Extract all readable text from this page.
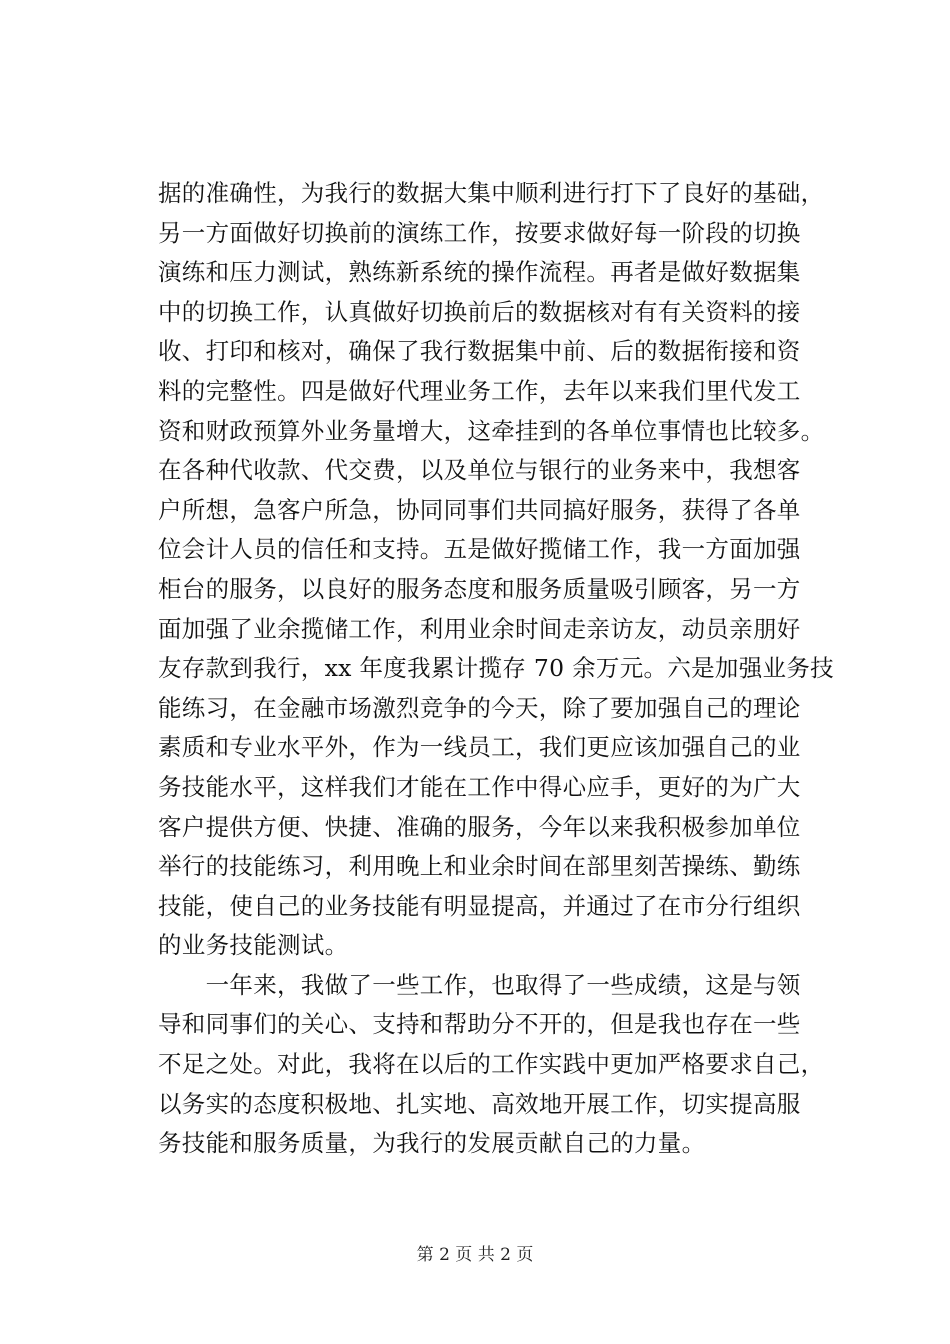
据的准确性，为我行的数据大集中顺利进行打下了良好的基础，
另一方面做好切换前的演练工作，按要求做好每一阶段的切换
演练和压力测试，熟练新系统的操作流程。再者是做好数据集
中的切换工作，认真做好切换前后的数据核对有有关资料的接
收、打印和核对，确保了我行数据集中前、后的数据衔接和资
料的完整性。四是做好代理业务工作，去年以来我们里代发工
资和财政预算外业务量增大，这牵挂到的各单位事情也比较多。
在各种代收款、代交费，以及单位与银行的业务来中，我想客
户所想，急客户所急，协同同事们共同搞好服务，获得了各单
位会计人员的信任和支持。五是做好揽储工作，我一方面加强
柜台的服务，以良好的服务态度和服务质量吸引顾客，另一方
面加强了业余揽储工作，利用业余时间走亲访友，动员亲朋好
友存款到我行，xx 年度我累计揽存 70 余万元。六是加强业务技
能练习，在金融市场激烈竞争的今天，除了要加强自己的理论
素质和专业水平外，作为一线员工，我们更应该加强自己的业
务技能水平，这样我们才能在工作中得心应手，更好的为广大
客户提供方便、快捷、准确的服务，今年以来我积极参加单位
举行的技能练习，利用晚上和业余时间在部里刻苦操练、勤练
技能，使自己的业务技能有明显提高，并通过了在市分行组织
的业务技能测试。
　　一年来，我做了一些工作，也取得了一些成绩，这是与领
导和同事们的关心、支持和帮助分不开的，但是我也存在一些
不足之处。对此，我将在以后的工作实践中更加严格要求自己，
以务实的态度积极地、扎实地、高效地开展工作，切实提高服
务技能和服务质量，为我行的发展贡献自己的力量。
第 2 页 共 2 页
